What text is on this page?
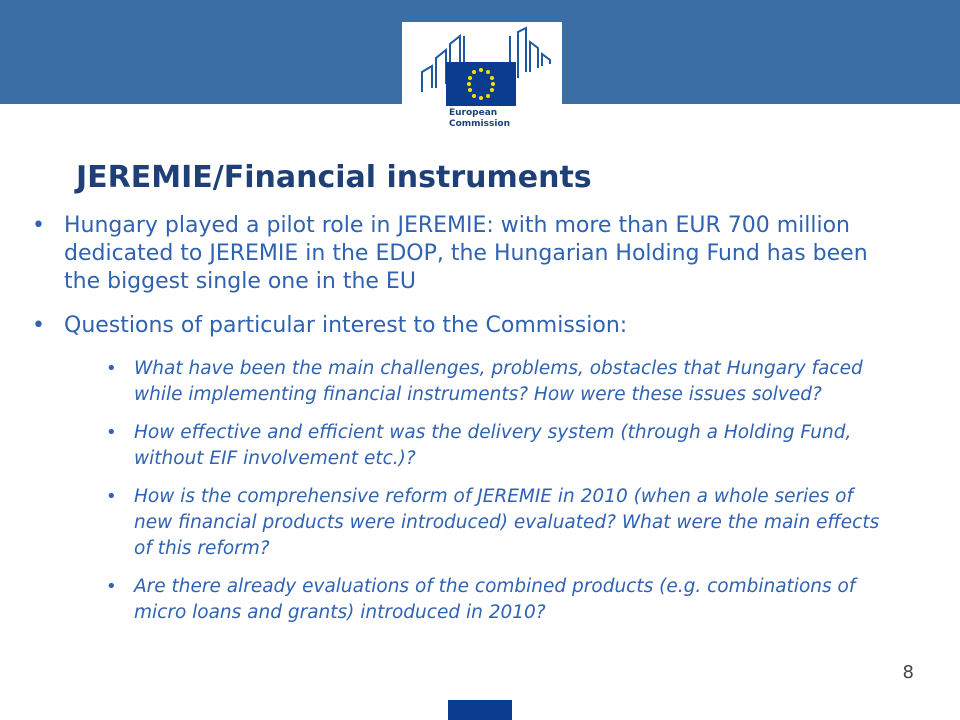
European
Commission
JEREMIE/Financial instruments
• Hungary played a pilot role in JEREMIE: with more than EUR 700 million dedicated to JEREMIE in the EDOP, the Hungarian Holding Fund has been the biggest single one in the EU
• Questions of particular interest to the Commission:
• What have been the main challenges, problems, obstacles that Hungary faced while implementing financial instruments? How were these issues solved?
• How effective and efficient was the delivery system (through a Holding Fund, without EIF involvement etc.)?
• How is the comprehensive reform of JEREMIE in 2010 (when a whole series of new financial products were introduced) evaluated? What were the main effects of this reform?
• Are there already evaluations of the combined products (e.g. combinations of micro loans and grants) introduced in 2010?
8
